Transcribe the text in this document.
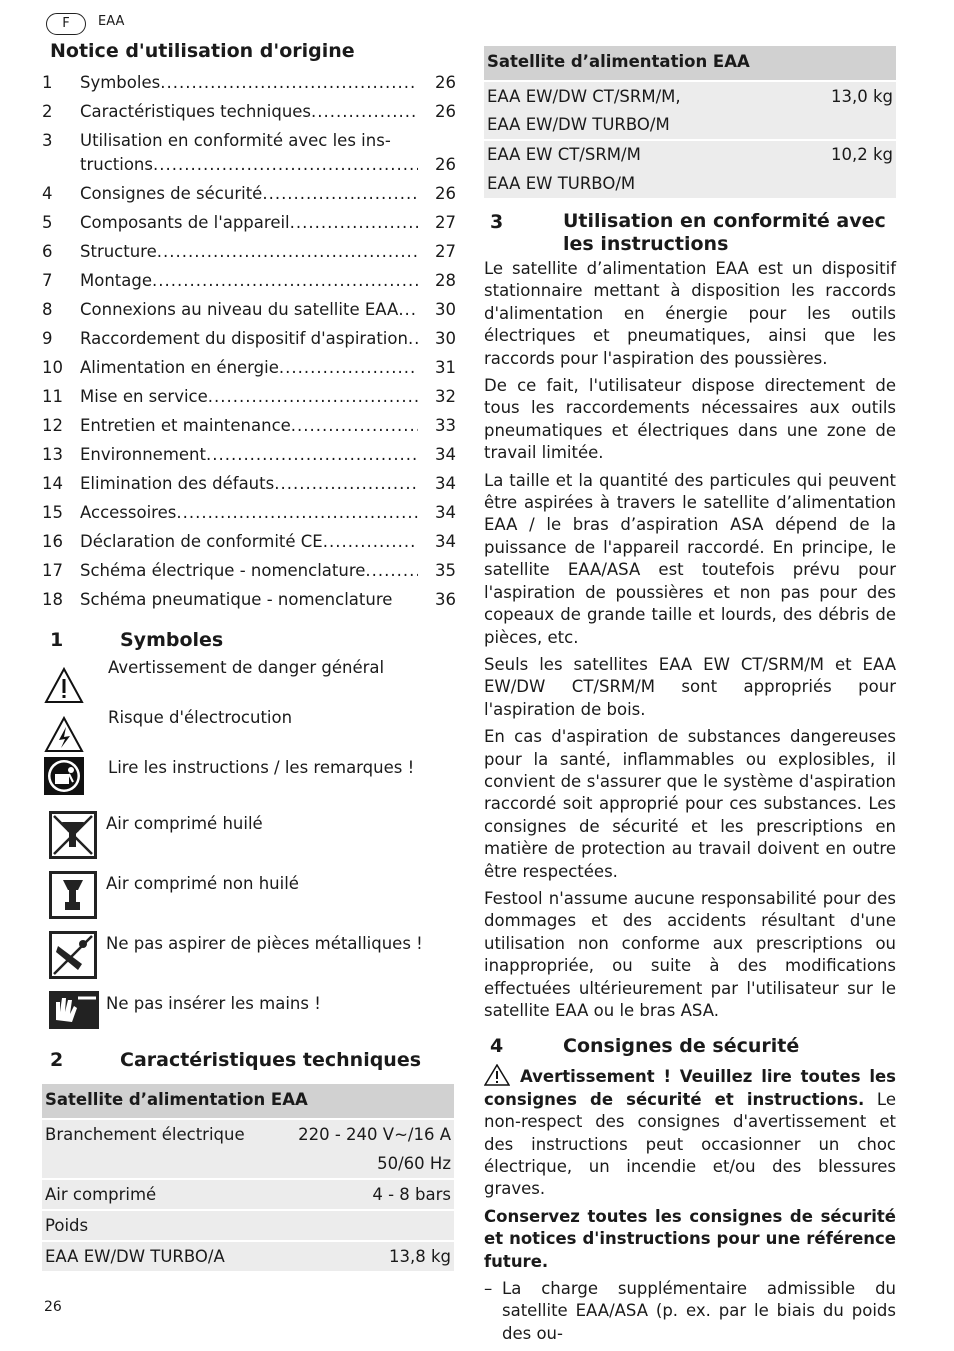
F	EAA
Notice d'utilisation d'origine
1	Symboles .....	26
2	Caractéristiques techniques .....	26
3	Utilisation en conformité avec les ins-
tructions .....	26
4	Consignes de sécurité .....	26
5	Composants de l'appareil .....	27
6	Structure .....	27
7	Montage .....	28
8	Connexions au niveau du satellite EAA .....	30
9	Raccordement du dispositif d'aspiration .....	30
10	Alimentation en énergie .....	31
11	Mise en service .....	32
12	Entretien et maintenance .....	33
13	Environnement .....	34
14	Elimination des défauts .....	34
15	Accessoires .....	34
16	Déclaration de conformité CE .....	34
17	Schéma électrique - nomenclature .....	35
18	Schéma pneumatique - nomenclature	36
1	Symboles
Avertissement de danger général
Risque d'électrocution
Lire les instructions / les remarques !
Air comprimé huilé
Air comprimé non huilé
Ne pas aspirer de pièces métalliques !
Ne pas insérer les mains !
2	Caractéristiques techniques
Satellite d’alimentation EAA
Branchement électrique	220 - 240 V~/16 A
50/60 Hz
Air comprimé	4 - 8 bars
Poids
EAA EW/DW TURBO/A	13,8 kg
Satellite d’alimentation EAA
EAA EW/DW CT/SRM/M,	13,0 kg
EAA EW/DW TURBO/M
EAA EW CT/SRM/M	10,2 kg
EAA EW TURBO/M
3	Utilisation en conformité avec les instructions

Le satellite d’alimentation EAA est un dispositif stationnaire mettant à disposition les raccords d'alimentation en énergie pour les outils électriques et pneumatiques, ainsi que les raccords pour l'aspiration des poussières.

De ce fait, l'utilisateur dispose directement de tous les raccordements nécessaires aux outils pneumatiques et électriques dans une zone de travail limitée.

La taille et la quantité des particules qui peuvent être aspirées à travers le satellite d’alimentation EAA / le bras d’aspiration ASA dépend de la puissance de l'appareil raccordé. En principe, le satellite EAA/ASA est toutefois prévu pour l'aspiration de poussières et non pas pour des copeaux de grande taille et lourds, des débris de pièces, etc.

Seuls les satellites EAA EW CT/SRM/M et EAA EW/DW CT/SRM/M sont appropriés pour l'aspiration de bois.

En cas d'aspiration de substances dangereuses pour la santé, inflammables ou explosibles, il convient de s'assurer que le système d'aspiration raccordé soit approprié pour ces substances. Les consignes de sécurité et les prescriptions en matière de protection au travail doivent en outre être respectées.

Festool n'assume aucune responsabilité pour des dommages et des accidents résultant d'une utilisation non conforme aux prescriptions ou inappropriée, ou suite à des modifications effectuées ultérieurement par l'utilisateur sur le satellite EAA ou le bras ASA.

4	Consignes de sécurité

Avertissement ! Veuillez lire toutes les consignes de sécurité et instructions. Le non-respect des consignes d'avertissement et des instructions peut occasionner un choc électrique, un incendie et/ou des blessures graves.

Conservez toutes les consignes de sécurité et notices d'instructions pour une référence future.

– La charge supplémentaire admissible du satellite EAA/ASA (p. ex. par le biais du poids des ou-
26
